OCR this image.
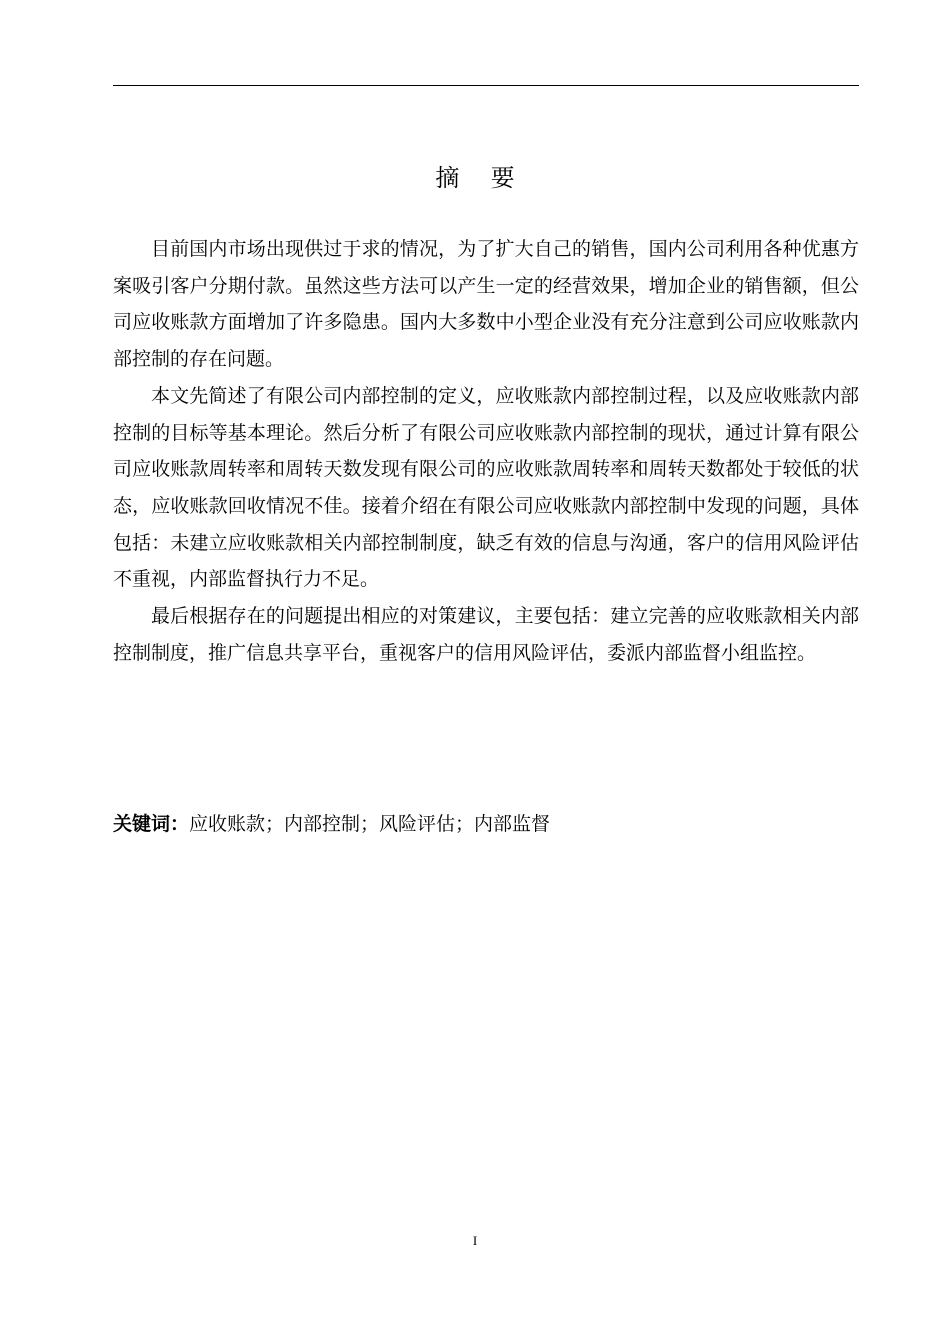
摘要

目前国内市场出现供过于求的情况，为了扩大自己的销售，国内公司利用各种优惠方案吸引客户分期付款。虽然这些方法可以产生一定的经营效果，增加企业的销售额，但公司应收账款方面增加了许多隐患。国内大多数中小型企业没有充分注意到公司应收账款内部控制的存在问题。

本文先简述了有限公司内部控制的定义，应收账款内部控制过程，以及应收账款内部控制的目标等基本理论。然后分析了有限公司应收账款内部控制的现状，通过计算有限公司应收账款周转率和周转天数发现有限公司的应收账款周转率和周转天数都处于较低的状态，应收账款回收情况不佳。接着介绍在有限公司应收账款内部控制中发现的问题，具体包括：未建立应收账款相关内部控制制度，缺乏有效的信息与沟通，客户的信用风险评估不重视，内部监督执行力不足。

最后根据存在的问题提出相应的对策建议，主要包括：建立完善的应收账款相关内部控制制度，推广信息共享平台，重视客户的信用风险评估，委派内部监督小组监控。

关键词：应收账款；内部控制；风险评估；内部监督
I
